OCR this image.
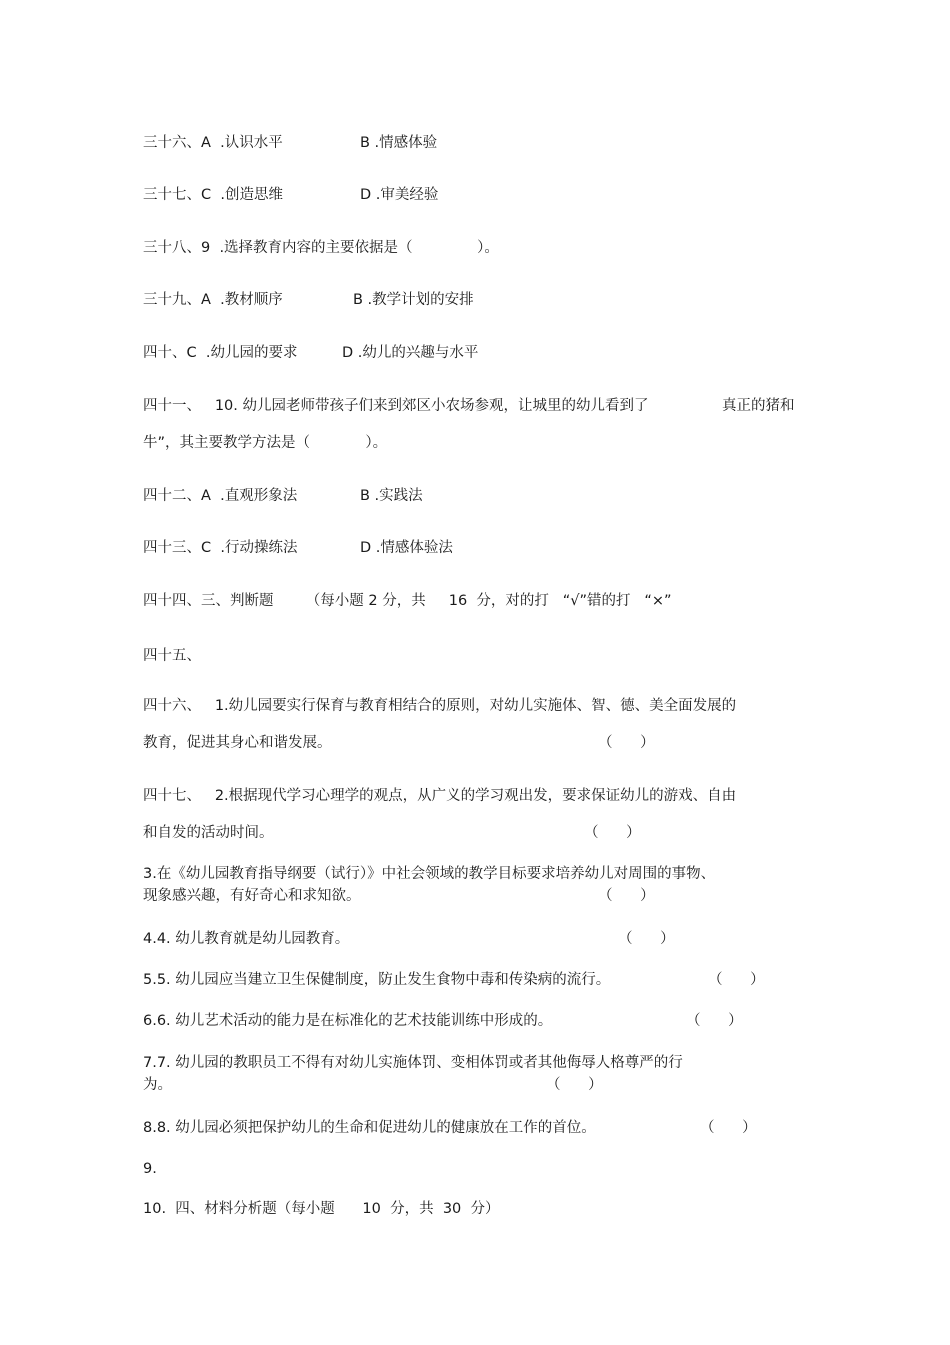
三十六、A  .认识水平	B .情感体验
三十七、C  .创造思维	D .审美经验
三十八、9  .选择教育内容的主要依据是（              ）。
三十九、A  .教材顺序	B .教学计划的安排
四十、C  .幼儿园的要求	D .幼儿的兴趣与水平
四十一、   10. 幼儿园老师带孩子们来到郊区小农场参观，让城里的幼儿看到了	真正的猪和
牛”，其主要教学方法是（            ）。
四十二、A  .直观形象法	B .实践法
四十三、C  .行动操练法	D .情感体验法
四十四、三、判断题       （每小题 2 分，共     16  分，对的打   “√”错的打   “×”
四十五、
四十六、   1.幼儿园要实行保育与教育相结合的原则，对幼儿实施体、智、德、美全面发展的
教育，促进其身心和谐发展。	（      ）
四十七、   2.根据现代学习心理学的观点，从广义的学习观出发，要求保证幼儿的游戏、自由
和自发的活动时间。	（      ）
3.在《幼儿园教育指导纲要（试行）》中社会领域的教学目标要求培养幼儿对周围的事物、
现象感兴趣，有好奇心和求知欲。	（      ）
4.4. 幼儿教育就是幼儿园教育。	（      ）
5.5. 幼儿园应当建立卫生保健制度，防止发生食物中毒和传染病的流行。	（      ）
6.6. 幼儿艺术活动的能力是在标准化的艺术技能训练中形成的。	（      ）
7.7. 幼儿园的教职员工不得有对幼儿实施体罚、变相体罚或者其他侮辱人格尊严的行
为。	（      ）
8.8. 幼儿园必须把保护幼儿的生命和促进幼儿的健康放在工作的首位。	（      ）
9.
10.  四、材料分析题（每小题      10  分，共  30  分）
